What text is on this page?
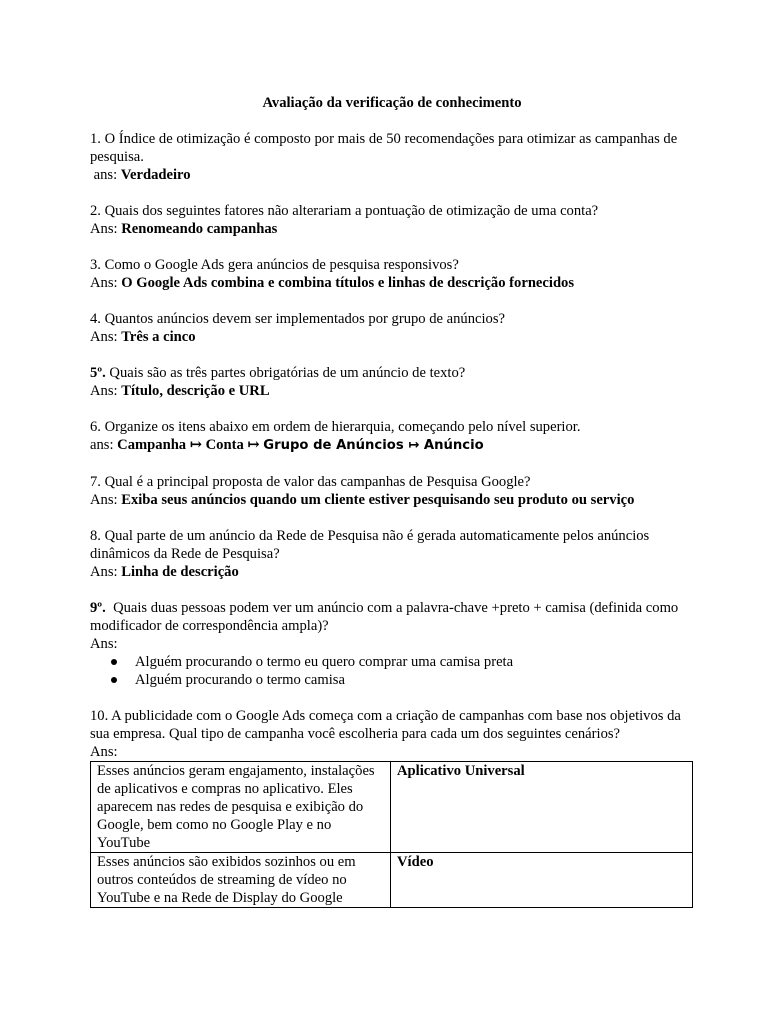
Avaliação da verificação de conhecimento
1. O Índice de otimização é composto por mais de 50 recomendações para otimizar as campanhas de pesquisa.
ans: Verdadeiro
2. Quais dos seguintes fatores não alterariam a pontuação de otimização de uma conta?
Ans: Renomeando campanhas
3. Como o Google Ads gera anúncios de pesquisa responsivos?
Ans: O Google Ads combina e combina títulos e linhas de descrição fornecidos
4. Quantos anúncios devem ser implementados por grupo de anúncios?
Ans: Três a cinco
5º. Quais são as três partes obrigatórias de um anúncio de texto?
Ans: Título, descrição e URL
6. Organize os itens abaixo em ordem de hierarquia, começando pelo nível superior.
ans: Campanha ↦ Conta ↦ Grupo de Anúncios ↦ Anúncio
7. Qual é a principal proposta de valor das campanhas de Pesquisa Google?
Ans: Exiba seus anúncios quando um cliente estiver pesquisando seu produto ou serviço
8. Qual parte de um anúncio da Rede de Pesquisa não é gerada automaticamente pelos anúncios dinâmicos da Rede de Pesquisa?
Ans: Linha de descrição
9º.  Quais duas pessoas podem ver um anúncio com a palavra-chave +preto + camisa (definida como modificador de correspondência ampla)?
Ans:
Alguém procurando o termo eu quero comprar uma camisa preta
Alguém procurando o termo camisa
10. A publicidade com o Google Ads começa com a criação de campanhas com base nos objetivos da sua empresa. Qual tipo de campanha você escolheria para cada um dos seguintes cenários?
Ans:
Esses anúncios geram engajamento, instalações de aplicativos e compras no aplicativo. Eles aparecem nas redes de pesquisa e exibição do Google, bem como no Google Play e no YouTube	Aplicativo Universal
Esses anúncios são exibidos sozinhos ou em outros conteúdos de streaming de vídeo no YouTube e na Rede de Display do Google	Vídeo
